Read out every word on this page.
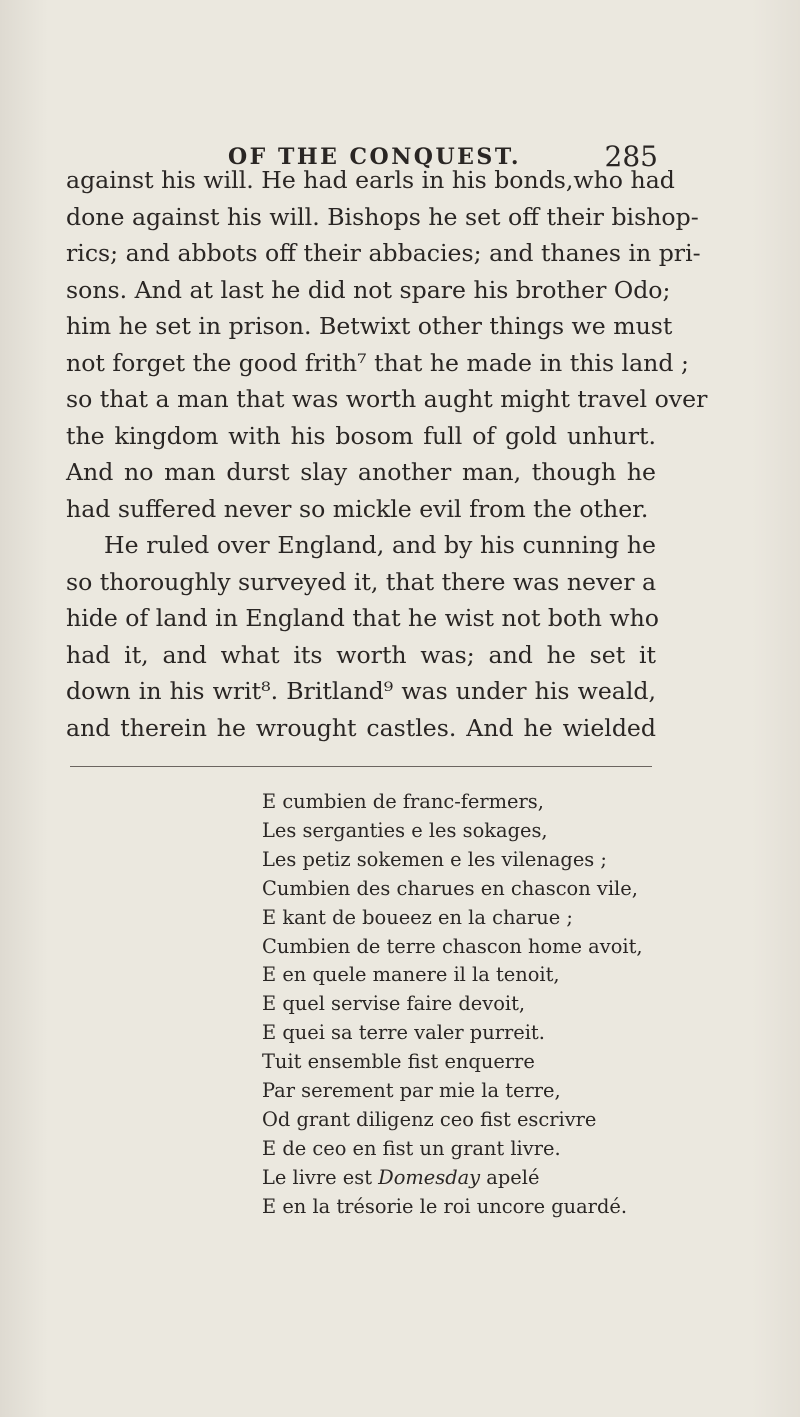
OF THE CONQUEST.	285
against his will. He had earls in his bonds,who had
done against his will. Bishops he set off their bishop-
rics; and abbots off their abbacies; and thanes in pri-
sons. And at last he did not spare his brother Odo;
him he set in prison. Betwixt other things we must
not forget the good frith⁷ that he made in this land ;
so that a man that was worth aught might travel over
the kingdom with his bosom full of gold unhurt.
And no man durst slay another man, though he
had suffered never so mickle evil from the other.
He ruled over England, and by his cunning he
so thoroughly surveyed it, that there was never a
hide of land in England that he wist not both who
had it, and what its worth was; and he set it
down in his writ⁸. Britland⁹ was under his weald,
and therein he wrought castles. And he wielded
E cumbien de franc-fermers,
Les serganties e les sokages,
Les petiz sokemen e les vilenages ;
Cumbien des charues en chascon vile,
E kant de boueez en la charue ;
Cumbien de terre chascon home avoit,
E en quele manere il la tenoit,
E quel servise faire devoit,
E quei sa terre valer purreit.
Tuit ensemble fist enquerre
Par serement par mie la terre,
Od grant diligenz ceo fist escrivre
E de ceo en fist un grant livre.
Le livre est Domesday apelé
E en la trésorie le roi uncore guardé.
